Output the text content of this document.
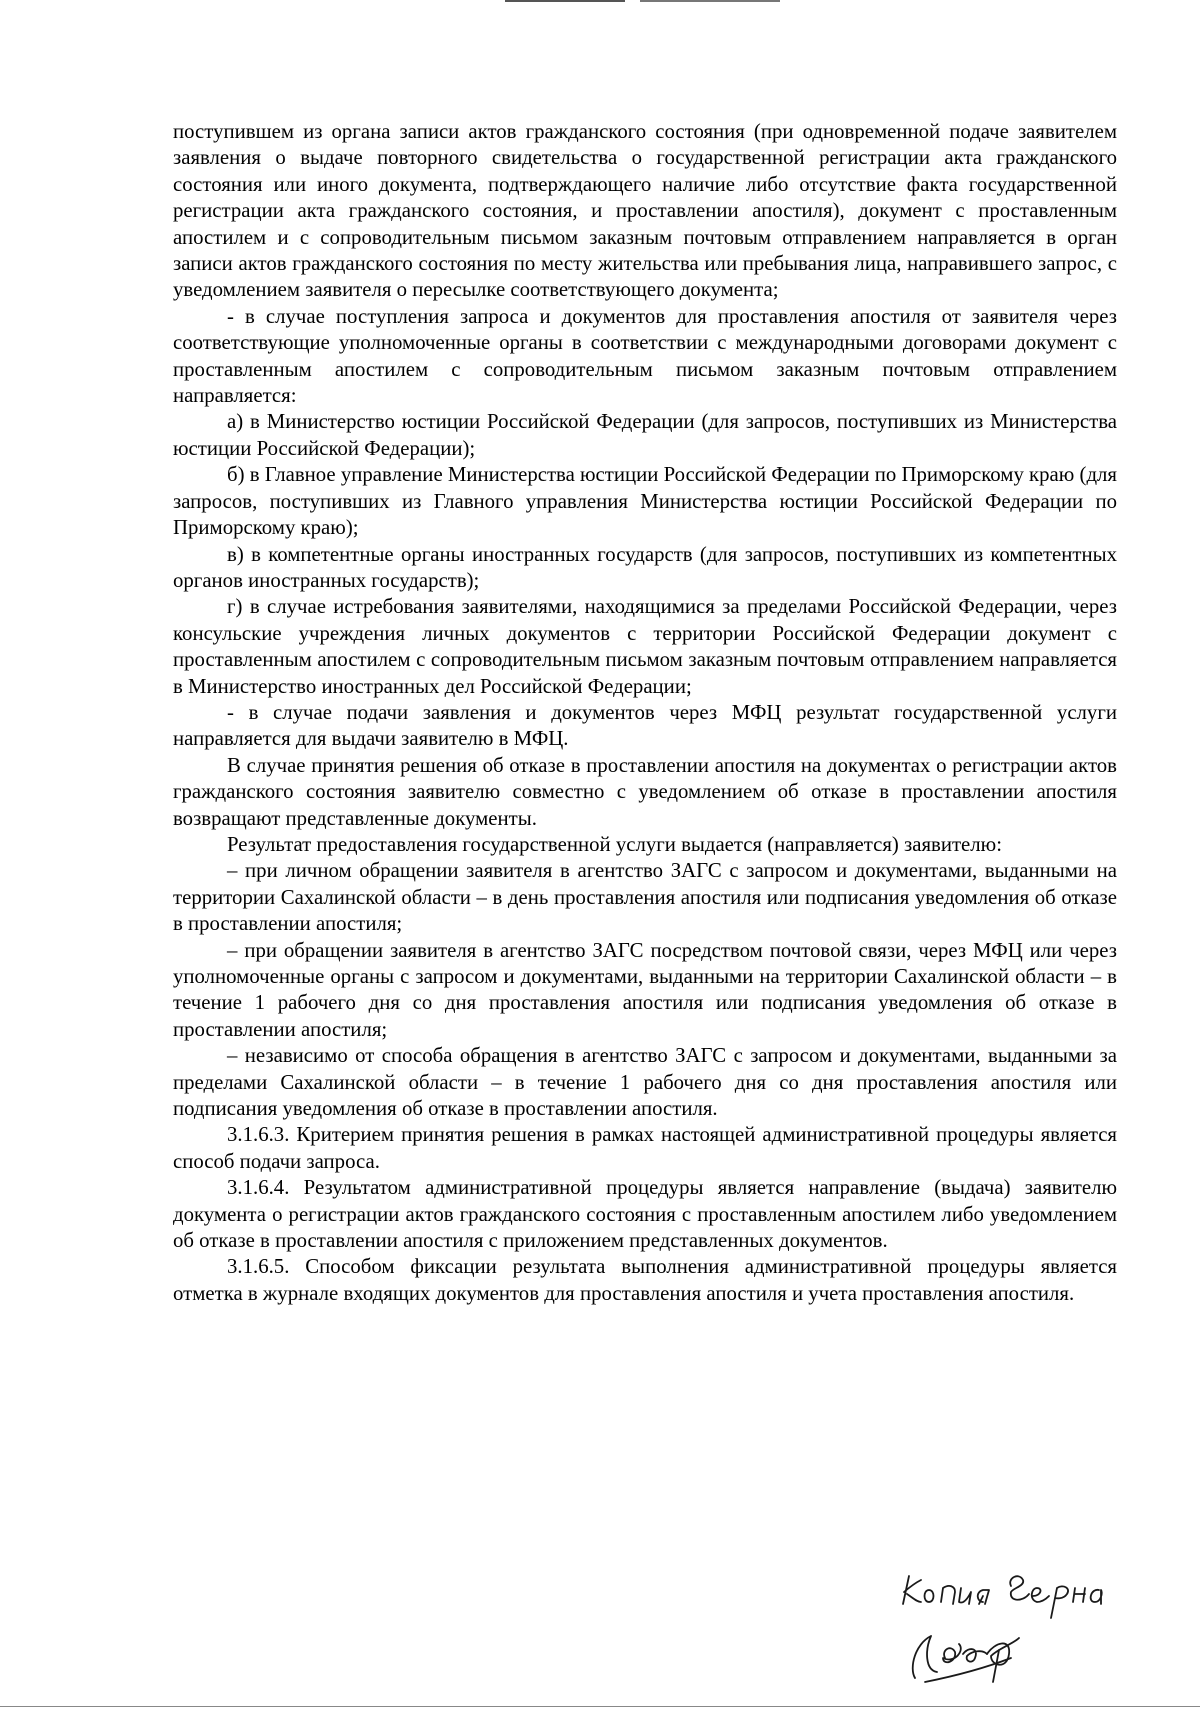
поступившем из органа записи актов гражданского состояния (при одновременной подаче заявителем заявления о выдаче повторного свидетельства о государственной регистрации акта гражданского состояния или иного документа, подтверждающего наличие либо отсутствие факта государственной регистрации акта гражданского состояния, и проставлении апостиля), документ с проставленным апостилем и с сопроводительным письмом заказным почтовым отправлением направляется в орган записи актов гражданского состояния по месту жительства или пребывания лица, направившего запрос, с уведомлением заявителя о пересылке соответствующего документа;

- в случае поступления запроса и документов для проставления апостиля от заявителя через соответствующие уполномоченные органы в соответствии с международными договорами документ с проставленным апостилем с сопроводительным письмом заказным почтовым отправлением направляется:

а) в Министерство юстиции Российской Федерации (для запросов, поступивших из Министерства юстиции Российской Федерации);

б) в Главное управление Министерства юстиции Российской Федерации по Приморскому краю (для запросов, поступивших из Главного управления Министерства юстиции Российской Федерации по Приморскому краю);

в) в компетентные органы иностранных государств (для запросов, поступивших из компетентных органов иностранных государств);

г) в случае истребования заявителями, находящимися за пределами Российской Федерации, через консульские учреждения личных документов с территории Российской Федерации документ с проставленным апостилем с сопроводительным письмом заказным почтовым отправлением направляется в Министерство иностранных дел Российской Федерации;

- в случае подачи заявления и документов через МФЦ результат государственной услуги направляется для выдачи заявителю в МФЦ.

В случае принятия решения об отказе в проставлении апостиля на документах о регистрации актов гражданского состояния заявителю совместно с уведомлением об отказе в проставлении апостиля возвращают представленные документы.

Результат предоставления государственной услуги выдается (направляется) заявителю:

– при личном обращении заявителя в агентство ЗАГС с запросом и документами, выданными на территории Сахалинской области – в день проставления апостиля или подписания уведомления об отказе в проставлении апостиля;

– при обращении заявителя в агентство ЗАГС посредством почтовой связи, через МФЦ или через уполномоченные органы с запросом и документами, выданными на территории Сахалинской области – в течение 1 рабочего дня со дня проставления апостиля или подписания уведомления об отказе в проставлении апостиля;

– независимо от способа обращения в агентство ЗАГС с запросом и документами, выданными за пределами Сахалинской области – в течение 1 рабочего дня со дня проставления апостиля или подписания уведомления об отказе в проставлении апостиля.

3.1.6.3. Критерием принятия решения в рамках настоящей административной процедуры является способ подачи запроса.

3.1.6.4. Результатом административной процедуры является направление (выдача) заявителю документа о регистрации актов гражданского состояния с проставленным апостилем либо уведомлением об отказе в проставлении апостиля с приложением представленных документов.

3.1.6.5. Способом фиксации результата выполнения административной процедуры является отметка в журнале входящих документов для проставления апостиля и учета проставления апостиля.
